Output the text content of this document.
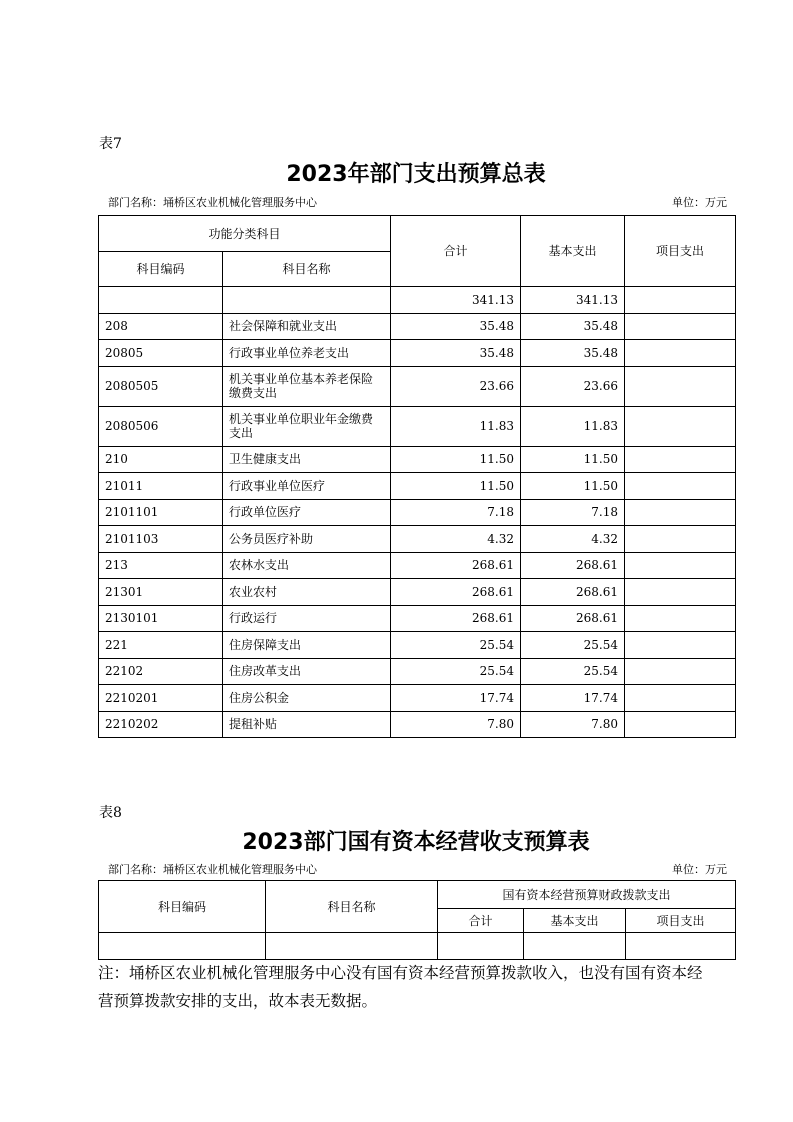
表7
2023年部门支出预算总表
部门名称：埇桥区农业机械化管理服务中心	单位：万元
功能分类科目		合计	基本支出	项目支出
科目编码	科目名称			
		341.13	341.13	
208	社会保障和就业支出	35.48	35.48	
20805	行政事业单位养老支出	35.48	35.48	
2080505	机关事业单位基本养老保险缴费支出	23.66	23.66	
2080506	机关事业单位职业年金缴费支出	11.83	11.83	
210	卫生健康支出	11.50	11.50	
21011	行政事业单位医疗	11.50	11.50	
2101101	行政单位医疗	7.18	7.18	
2101103	公务员医疗补助	4.32	4.32	
213	农林水支出	268.61	268.61	
21301	农业农村	268.61	268.61	
2130101	行政运行	268.61	268.61	
221	住房保障支出	25.54	25.54	
22102	住房改革支出	25.54	25.54	
2210201	住房公积金	17.74	17.74	
2210202	提租补贴	7.80	7.80	
表8
2023部门国有资本经营收支预算表
部门名称：埇桥区农业机械化管理服务中心	单位：万元
科目编码	科目名称	国有资本经营预算财政拨款支出		
		合计	基本支出	项目支出

注：埇桥区农业机械化管理服务中心没有国有资本经营预算拨款收入，也没有国有资本经营预算拨款安排的支出，故本表无数据。
